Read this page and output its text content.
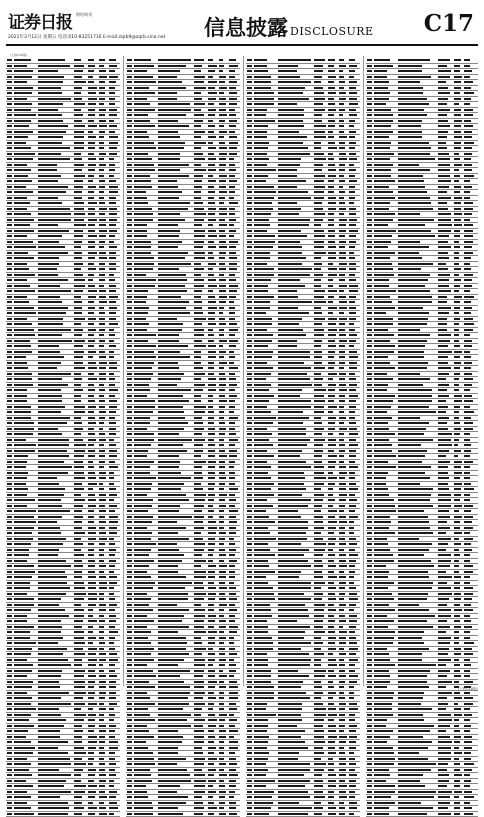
证券日报 财经周刊
2021年3月12日 星期五 电话:010-83251716 E-mail:zqrb9@zqrb.sina.net 信息披露 DISCLOSURE C17
(上接C16版)
(下转C18版)
